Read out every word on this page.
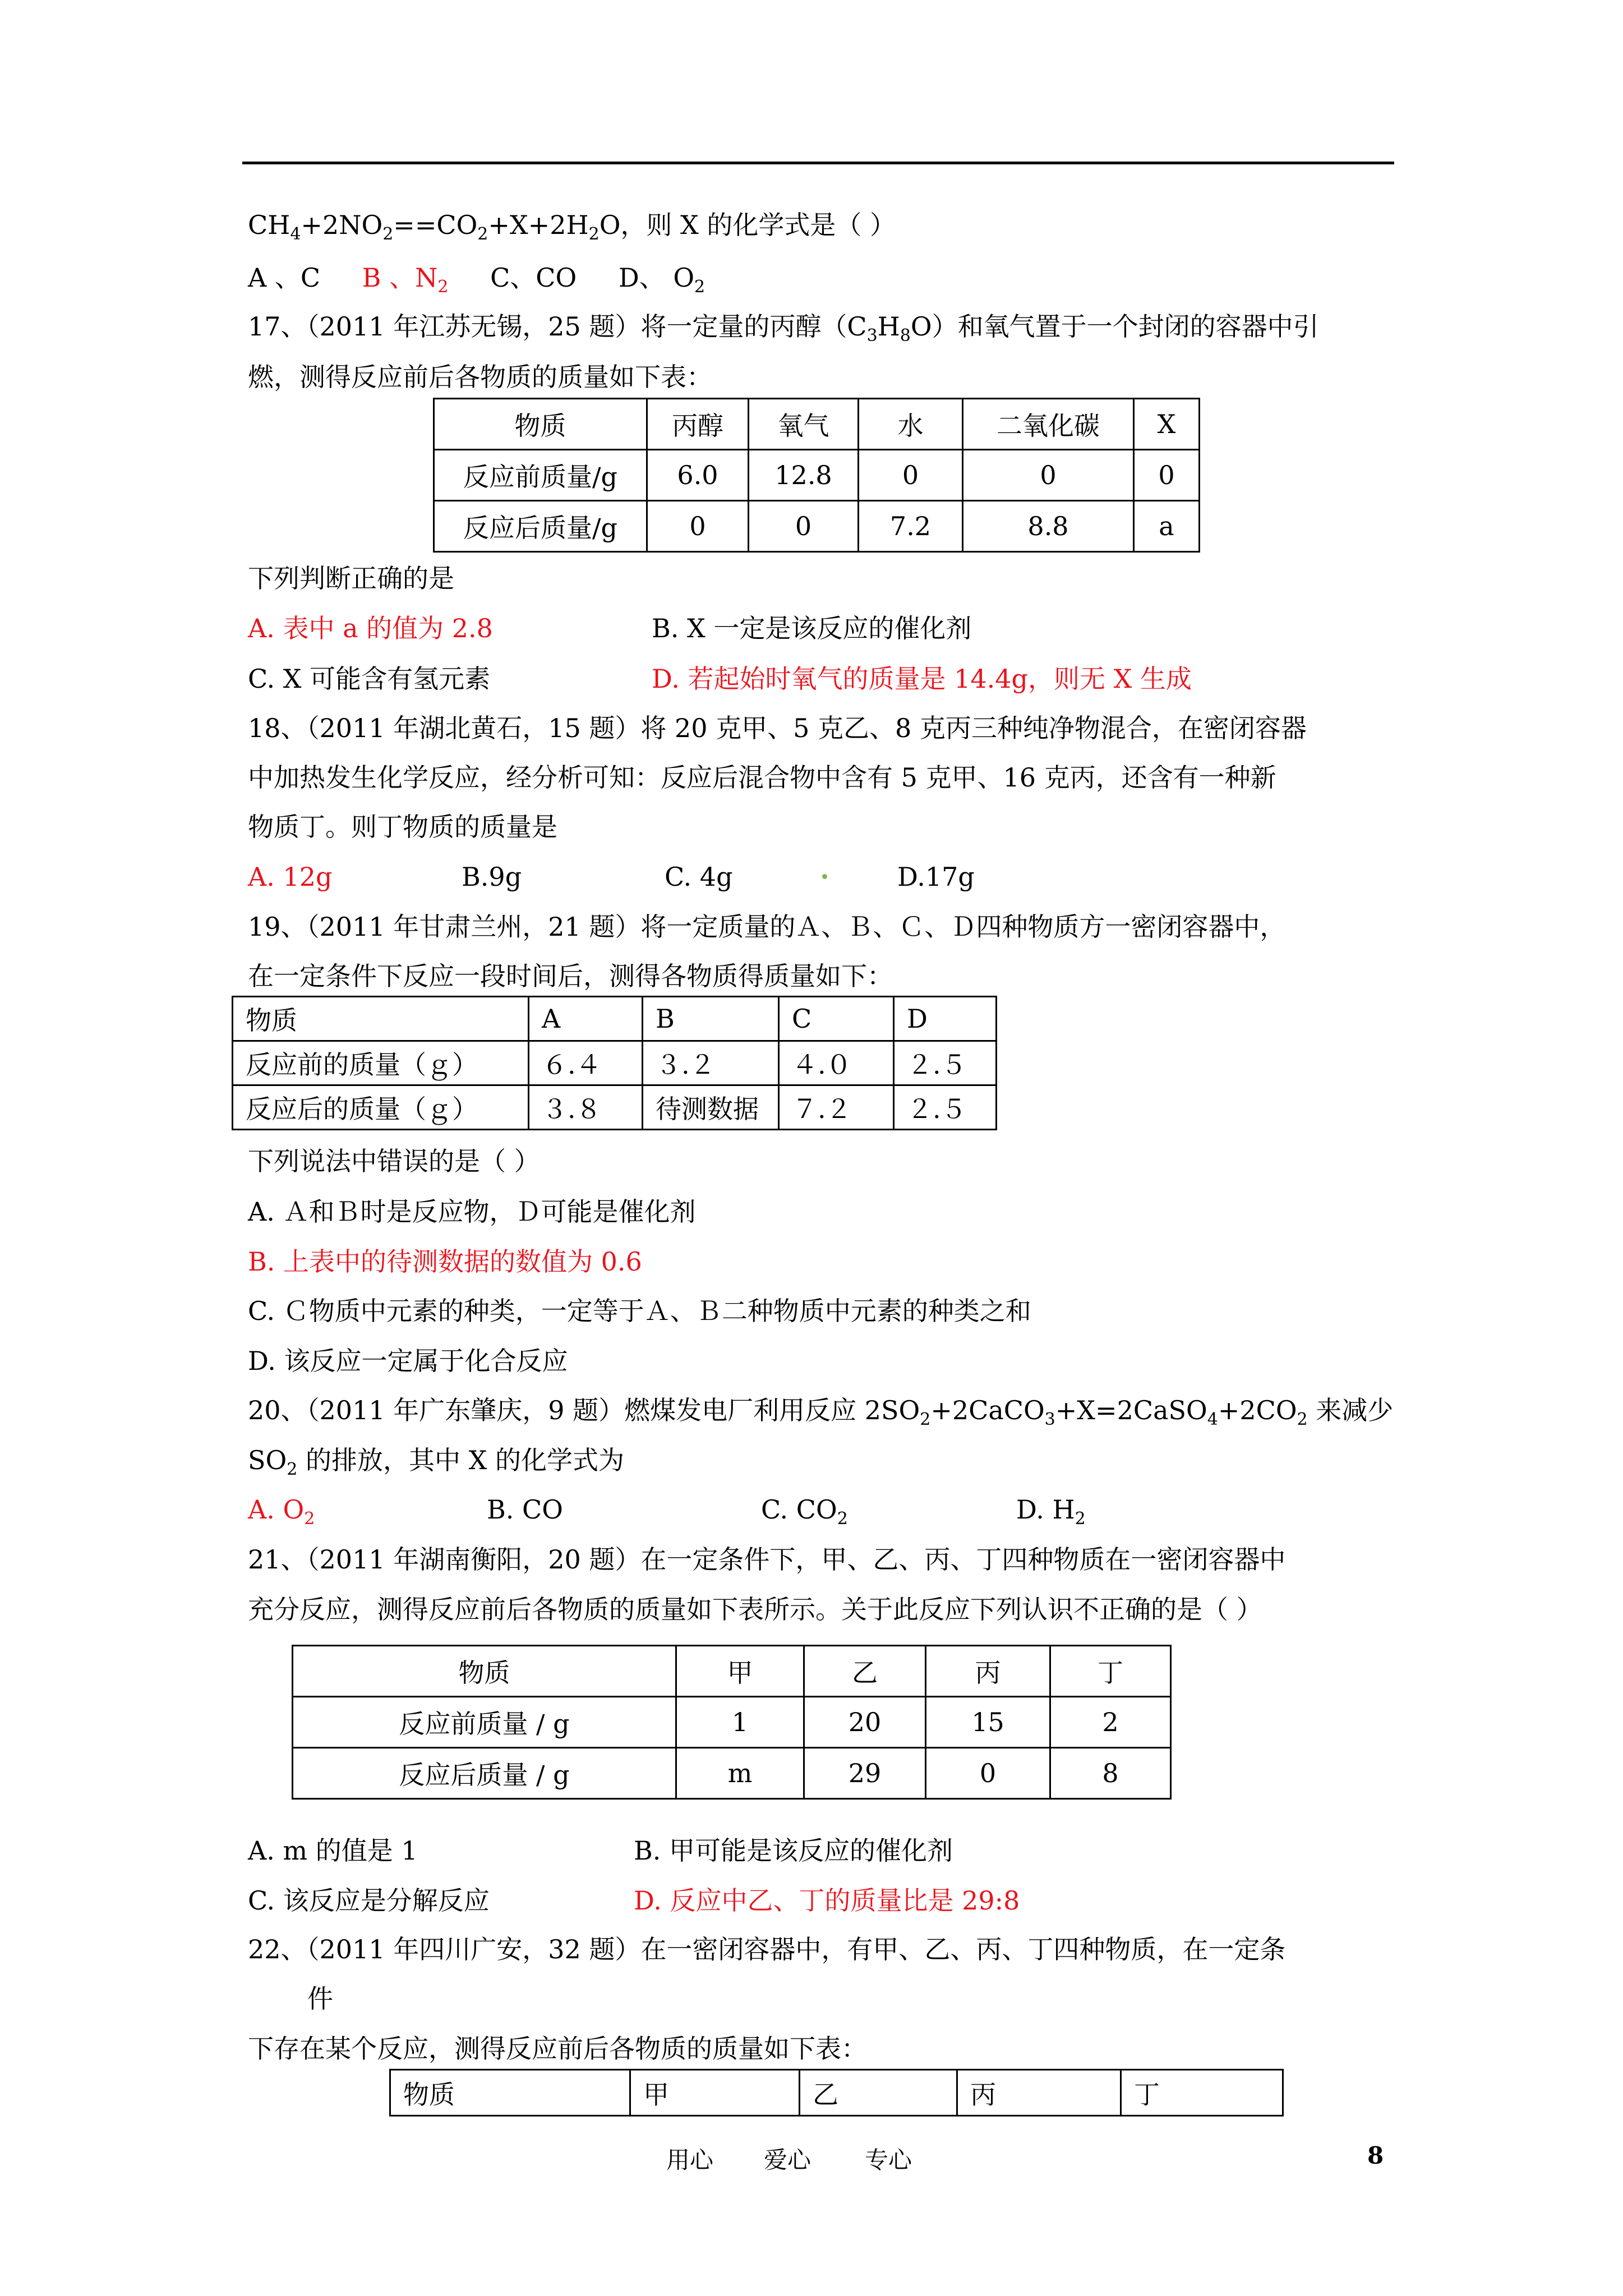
$CH_4+2NO_2==CO_2+X+2H_2O$，则 X 的化学式是（ ）
A 、C B 、$N_2$ C、CO D、 $O_2$
17、（2011 年江苏无锡，25 题）将一定量的丙醇$(C_3H_8O)$和氧气置于一个封闭的容器中引
燃，测得反应前后各物质的质量如下表：
物质	丙醇	氧气	水	二氧化碳	X
反应前质量/g	6.0	12.8	0	0	0
反应后质量/g	0	0	7.2	8.8	a
下列判断正确的是
A. 表中 a 的值为 2.8	B. X 一定是该反应的催化剂
C. X 可能含有氢元素	D. 若起始时氧气的质量是 14.4g，则无 X 生成
18、（2011 年湖北黄石，15 题）将 20 克甲、5 克乙、8 克丙三种纯净物混合，在密闭容器
中加热发生化学反应，经分析可知：反应后混合物中含有 5 克甲、16 克丙，还含有一种新
物质丁。则丁物质的质量是
A. 12g	B.9g	C. 4g	D.17g
19、（2011 年甘肃兰州，21 题）将一定质量的Ａ、Ｂ、Ｃ、Ｄ四种物质方一密闭容器中，
在一定条件下反应一段时间后，测得各物质得质量如下：
物质	A	B	C	D
反应前的质量（ｇ）	６.４	３.２	４.０	２.５
反应后的质量（ｇ）	３.８	待测数据	７.２	２.５
下列说法中错误的是（ ）
A. Ａ和Ｂ时是反应物，Ｄ可能是催化剂
B. 上表中的待测数据的数值为 0.6
C. Ｃ物质中元素的种类，一定等于Ａ、Ｂ二种物质中元素的种类之和
D. 该反应一定属于化合反应
20、（2011 年广东肇庆，9 题）燃煤发电厂利用反应 $2SO_2+2CaCO_3+X=2CaSO_4+2CO_2$ 来减少
$SO_2$ 的排放，其中 X 的化学式为
A. $O_2$	B. CO	C. $CO_2$	D. $H_2$
21、（2011 年湖南衡阳，20 题）在一定条件下，甲、乙、丙、丁四种物质在一密闭容器中
充分反应，测得反应前后各物质的质量如下表所示。关于此反应下列认识不正确的是（ ）
物质	甲	乙	丙	丁
反应前质量 / g	1	20	15	2
反应后质量 / g	m	29	0	8
A. m 的值是 1	B. 甲可能是该反应的催化剂
C. 该反应是分解反应	D. 反应中乙、丁的质量比是 29:8
22、（2011 年四川广安，32 题）在一密闭容器中，有甲、乙、丙、丁四种物质，在一定条
件
下存在某个反应，测得反应前后各物质的质量如下表：
物质	甲	乙	丙	丁
用心 爱心 专心	8
